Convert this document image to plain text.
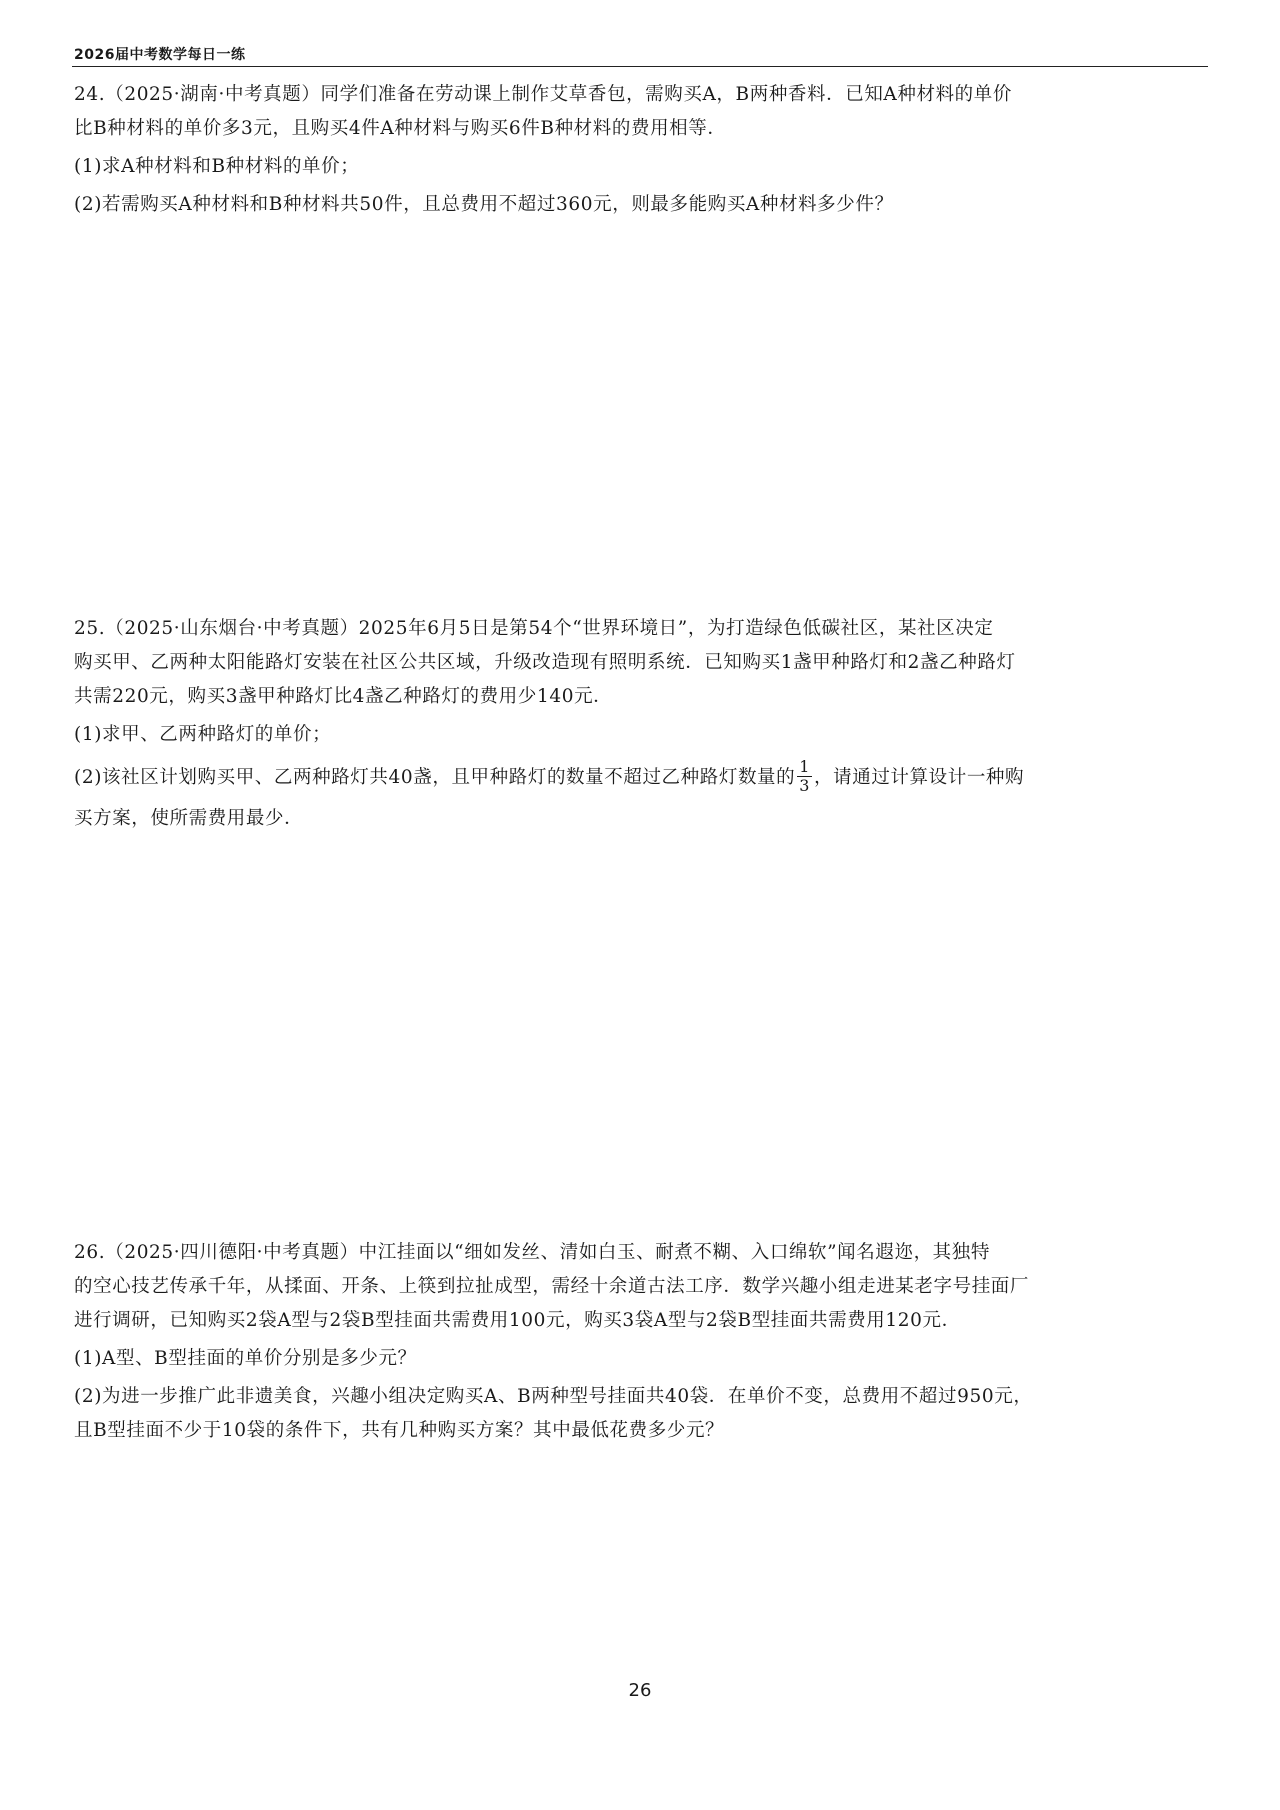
2026届中考数学每日一练
24.（2025·湖南·中考真题）同学们准备在劳动课上制作艾草香包，需购买A，B两种香料．已知A种材料的单价
比B种材料的单价多3元，且购买4件A种材料与购买6件B种材料的费用相等．
(1)求A种材料和B种材料的单价；
(2)若需购买A种材料和B种材料共50件，且总费用不超过360元，则最多能购买A种材料多少件？
25.（2025·山东烟台·中考真题）2025年6月5日是第54个“世界环境日”，为打造绿色低碳社区，某社区决定
购买甲、乙两种太阳能路灯安装在社区公共区域，升级改造现有照明系统．已知购买1盏甲种路灯和2盏乙种路灯
共需220元，购买3盏甲种路灯比4盏乙种路灯的费用少140元．
(1)求甲、乙两种路灯的单价；
(2)该社区计划购买甲、乙两种路灯共40盏，且甲种路灯的数量不超过乙种路灯数量的 $\frac{1}{3}$ ，请通过计算设计一种购
买方案，使所需费用最少．
26.（2025·四川德阳·中考真题）中江挂面以“细如发丝、清如白玉、耐煮不糊、入口绵软”闻名遐迩，其独特
的空心技艺传承千年，从揉面、开条、上筷到拉扯成型，需经十余道古法工序．数学兴趣小组走进某老字号挂面厂
进行调研，已知购买2袋A型与2袋B型挂面共需费用100元，购买3袋A型与2袋B型挂面共需费用120元．
(1)A型、B型挂面的单价分别是多少元？
(2)为进一步推广此非遗美食，兴趣小组决定购买A、B两种型号挂面共40袋．在单价不变，总费用不超过950元，
且B型挂面不少于10袋的条件下，共有几种购买方案？其中最低花费多少元？
26
